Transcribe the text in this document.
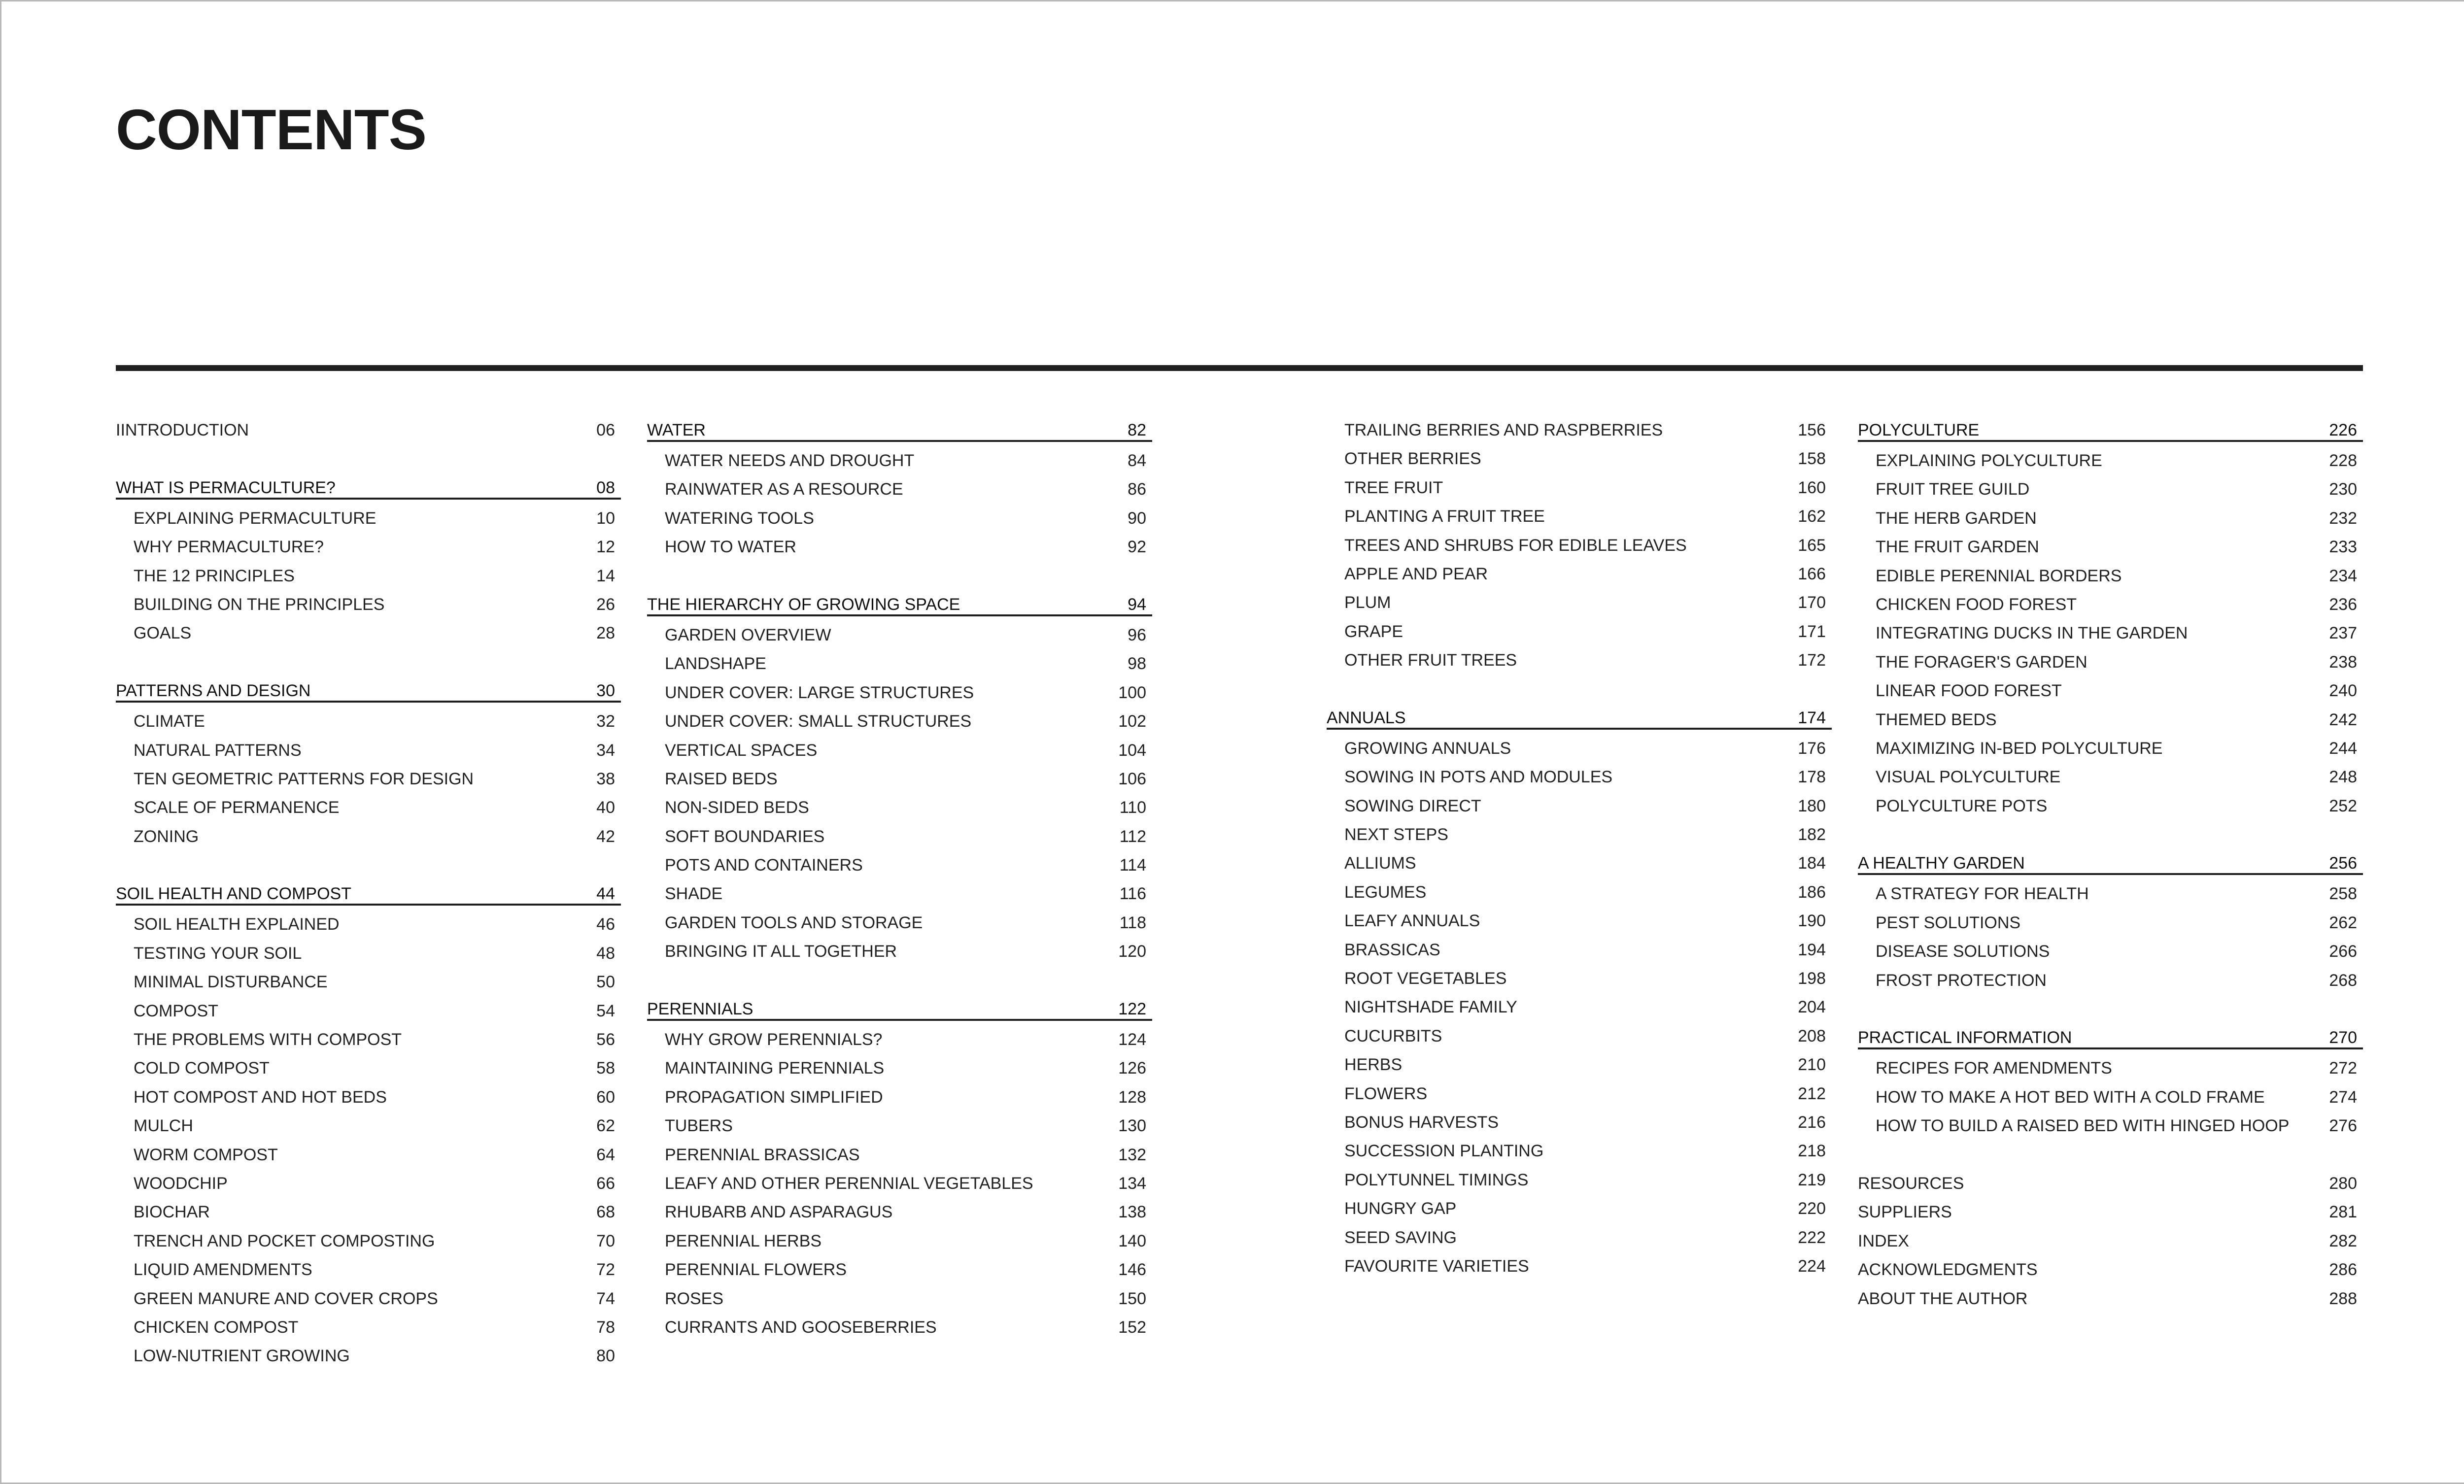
CONTENTS
IINTRODUCTION	06
WHAT IS PERMACULTURE?	08
EXPLAINING PERMACULTURE	10
WHY PERMACULTURE?	12
THE 12 PRINCIPLES	14
BUILDING ON THE PRINCIPLES	26
GOALS	28
PATTERNS AND DESIGN	30
CLIMATE	32
NATURAL PATTERNS	34
TEN GEOMETRIC PATTERNS FOR DESIGN	38
SCALE OF PERMANENCE	40
ZONING	42
SOIL HEALTH AND COMPOST	44
SOIL HEALTH EXPLAINED	46
TESTING YOUR SOIL	48
MINIMAL DISTURBANCE	50
COMPOST	54
THE PROBLEMS WITH COMPOST	56
COLD COMPOST	58
HOT COMPOST AND HOT BEDS	60
MULCH	62
WORM COMPOST	64
WOODCHIP	66
BIOCHAR	68
TRENCH AND POCKET COMPOSTING	70
LIQUID AMENDMENTS	72
GREEN MANURE AND COVER CROPS	74
CHICKEN COMPOST	78
LOW-NUTRIENT GROWING	80
WATER	82
WATER NEEDS AND DROUGHT	84
RAINWATER AS A RESOURCE	86
WATERING TOOLS	90
HOW TO WATER	92
THE HIERARCHY OF GROWING SPACE	94
GARDEN OVERVIEW	96
LANDSHAPE	98
UNDER COVER: LARGE STRUCTURES	100
UNDER COVER: SMALL STRUCTURES	102
VERTICAL SPACES	104
RAISED BEDS	106
NON-SIDED BEDS	110
SOFT BOUNDARIES	112
POTS AND CONTAINERS	114
SHADE	116
GARDEN TOOLS AND STORAGE	118
BRINGING IT ALL TOGETHER	120
PERENNIALS	122
WHY GROW PERENNIALS?	124
MAINTAINING PERENNIALS	126
PROPAGATION SIMPLIFIED	128
TUBERS	130
PERENNIAL BRASSICAS	132
LEAFY AND OTHER PERENNIAL VEGETABLES	134
RHUBARB AND ASPARAGUS	138
PERENNIAL HERBS	140
PERENNIAL FLOWERS	146
ROSES	150
CURRANTS AND GOOSEBERRIES	152
TRAILING BERRIES AND RASPBERRIES	156
OTHER BERRIES	158
TREE FRUIT	160
PLANTING A FRUIT TREE	162
TREES AND SHRUBS FOR EDIBLE LEAVES	165
APPLE AND PEAR	166
PLUM	170
GRAPE	171
OTHER FRUIT TREES	172
ANNUALS	174
GROWING ANNUALS	176
SOWING IN POTS AND MODULES	178
SOWING DIRECT	180
NEXT STEPS	182
ALLIUMS	184
LEGUMES	186
LEAFY ANNUALS	190
BRASSICAS	194
ROOT VEGETABLES	198
NIGHTSHADE FAMILY	204
CUCURBITS	208
HERBS	210
FLOWERS	212
BONUS HARVESTS	216
SUCCESSION PLANTING	218
POLYTUNNEL TIMINGS	219
HUNGRY GAP	220
SEED SAVING	222
FAVOURITE VARIETIES	224
POLYCULTURE	226
EXPLAINING POLYCULTURE	228
FRUIT TREE GUILD	230
THE HERB GARDEN	232
THE FRUIT GARDEN	233
EDIBLE PERENNIAL BORDERS	234
CHICKEN FOOD FOREST	236
INTEGRATING DUCKS IN THE GARDEN	237
THE FORAGER'S GARDEN	238
LINEAR FOOD FOREST	240
THEMED BEDS	242
MAXIMIZING IN-BED POLYCULTURE	244
VISUAL POLYCULTURE	248
POLYCULTURE POTS	252
A HEALTHY GARDEN	256
A STRATEGY FOR HEALTH	258
PEST SOLUTIONS	262
DISEASE SOLUTIONS	266
FROST PROTECTION	268
PRACTICAL INFORMATION	270
RECIPES FOR AMENDMENTS	272
HOW TO MAKE A HOT BED WITH A COLD FRAME	274
HOW TO BUILD A RAISED BED WITH HINGED HOOP 276
RESOURCES	280
SUPPLIERS	281
INDEX	282
ACKNOWLEDGMENTS	286
ABOUT THE AUTHOR	288
